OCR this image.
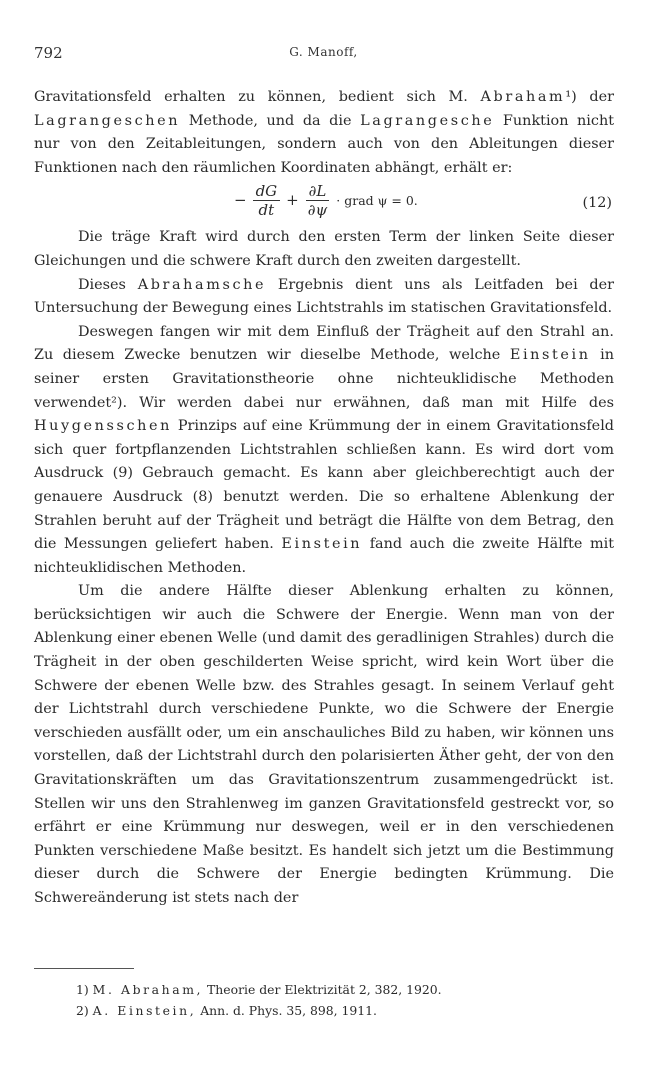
792	G. Manoff,

Gravitationsfeld erhalten zu können, bedient sich M. Abraham¹) der Lagrangeschen Methode, und da die Lagrangesche Funktion nicht nur von den Zeitableitungen, sondern auch von den Ableitungen dieser Funktionen nach den räumlichen Koordinaten abhängt, erhält er:

− $\frac{dG}{dt} + \frac{\partial L}{\partial\psi}$ · grad ψ = 0.	(12)

Die träge Kraft wird durch den ersten Term der linken Seite dieser Gleichungen und die schwere Kraft durch den zweiten dargestellt.

Dieses Abrahamsche Ergebnis dient uns als Leitfaden bei der Untersuchung der Bewegung eines Lichtstrahls im statischen Gravitationsfeld.

Deswegen fangen wir mit dem Einfluß der Trägheit auf den Strahl an. Zu diesem Zwecke benutzen wir dieselbe Methode, welche Einstein in seiner ersten Gravitationstheorie ohne nichteuklidische Methoden verwendet²). Wir werden dabei nur erwähnen, daß man mit Hilfe des Huygensschen Prinzips auf eine Krümmung der in einem Gravitationsfeld sich quer fortpflanzenden Lichtstrahlen schließen kann. Es wird dort vom Ausdruck (9) Gebrauch gemacht. Es kann aber gleichberechtigt auch der genauere Ausdruck (8) benutzt werden. Die so erhaltene Ablenkung der Strahlen beruht auf der Trägheit und beträgt die Hälfte von dem Betrag, den die Messungen geliefert haben. Einstein fand auch die zweite Hälfte mit nichteuklidischen Methoden.

Um die andere Hälfte dieser Ablenkung erhalten zu können, berücksichtigen wir auch die Schwere der Energie. Wenn man von der Ablenkung einer ebenen Welle (und damit des geradlinigen Strahles) durch die Trägheit in der oben geschilderten Weise spricht, wird kein Wort über die Schwere der ebenen Welle bzw. des Strahles gesagt. In seinem Verlauf geht der Lichtstrahl durch verschiedene Punkte, wo die Schwere der Energie verschieden ausfällt oder, um ein anschauliches Bild zu haben, wir können uns vorstellen, daß der Lichtstrahl durch den polarisierten Äther geht, der von den Gravitationskräften um das Gravitationszentrum zusammengedrückt ist. Stellen wir uns den Strahlenweg im ganzen Gravitationsfeld gestreckt vor, so erfährt er eine Krümmung nur deswegen, weil er in den verschiedenen Punkten verschiedene Maße besitzt. Es handelt sich jetzt um die Bestimmung dieser durch die Schwere der Energie bedingten Krümmung. Die Schwereänderung ist stets nach der

1) M. Abraham, Theorie der Elektrizität 2, 382, 1920.

2) A. Einstein, Ann. d. Phys. 35, 898, 1911.
